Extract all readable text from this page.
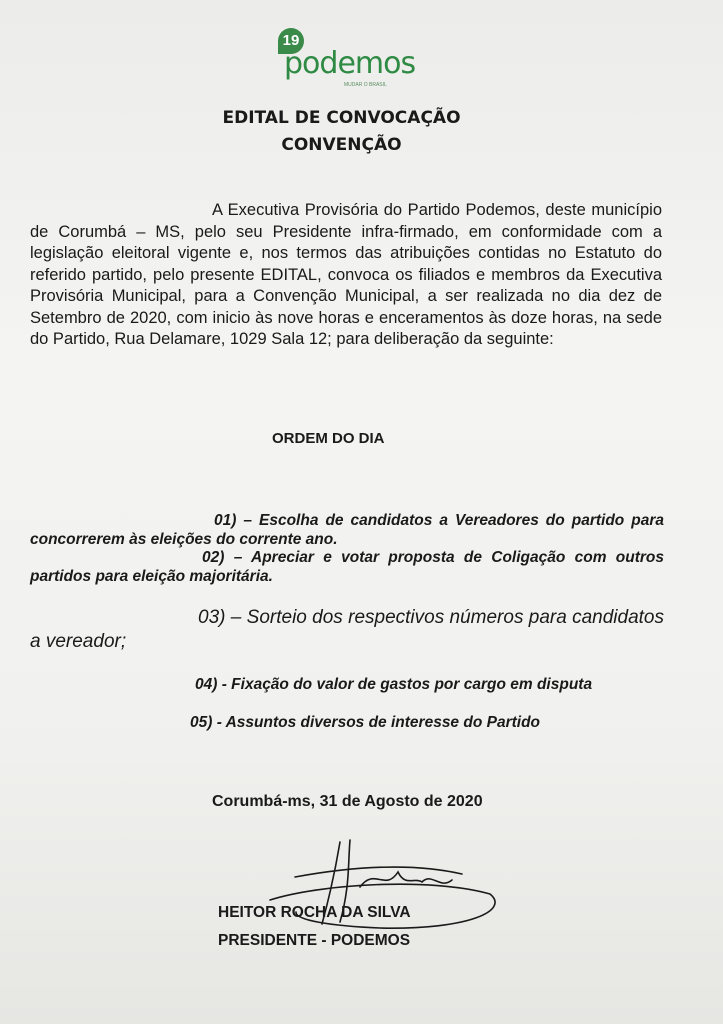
19
podemos
MUDAR O BRASIL
EDITAL DE CONVOCAÇÃO
CONVENÇÃO
A Executiva Provisória do Partido Podemos, deste município de Corumbá – MS, pelo seu Presidente infra-firmado, em conformidade com a legislação eleitoral vigente e, nos termos das atribuições contidas no Estatuto do referido partido, pelo presente EDITAL, convoca os filiados e membros da Executiva Provisória Municipal, para a Convenção Municipal, a ser realizada no dia dez de Setembro de 2020, com inicio às nove horas e enceramentos às doze horas, na sede do Partido, Rua Delamare, 1029 Sala 12; para deliberação da seguinte:
ORDEM DO DIA
01) – Escolha de candidatos a Vereadores do partido para concorrerem às eleições do corrente ano.
02) – Apreciar e votar proposta de Coligação com outros partidos para eleição majoritária.
03) – Sorteio dos respectivos números para candidatos a vereador;
04) - Fixação do valor de gastos por cargo em disputa
05) - Assuntos diversos de interesse do Partido
Corumbá-ms, 31 de Agosto de 2020
HEITOR ROCHA DA SILVA
PRESIDENTE - PODEMOS
